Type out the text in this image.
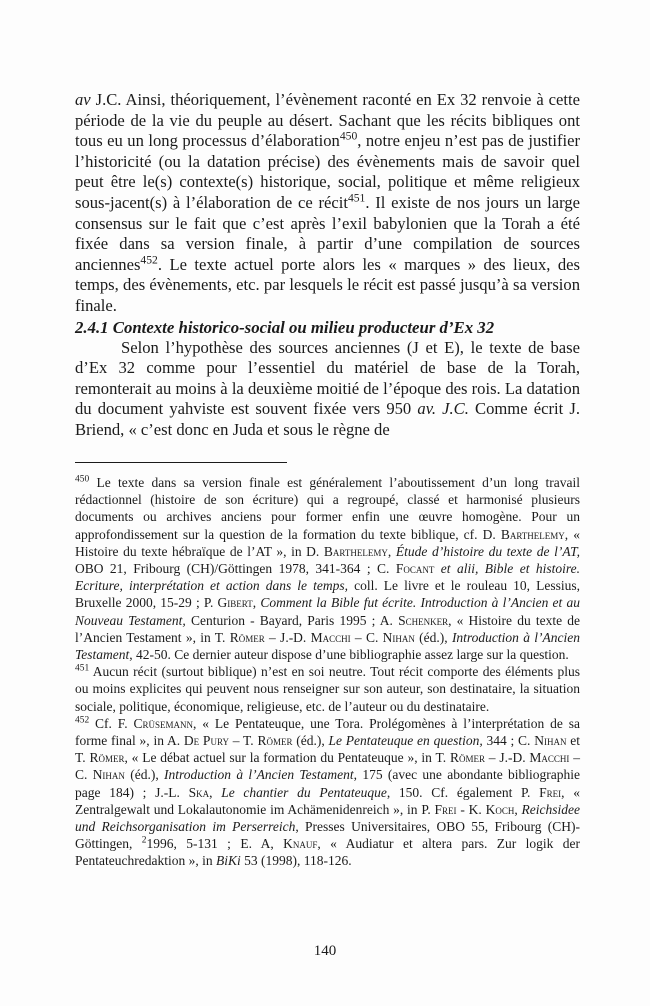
av J.C. Ainsi, théoriquement, l’évènement raconté en Ex 32 renvoie à cette période de la vie du peuple au désert. Sachant que les récits bibliques ont tous eu un long processus d’élaboration$^{450}$, notre enjeu n’est pas de justifier l’historicité (ou la datation précise) des évènements mais de savoir quel peut être le(s) contexte(s) historique, social, politique et même religieux sous-jacent(s) à l’élaboration de ce récit$^{451}$. Il existe de nos jours un large consensus sur le fait que c’est après l’exil babylonien que la Torah a été fixée dans sa version finale, à partir d’une compilation de sources anciennes$^{452}$. Le texte actuel porte alors les « marques » des lieux, des temps, des évènements, etc. par lesquels le récit est passé jusqu’à sa version finale.

2.4.1 Contexte historico-social ou milieu producteur d’Ex 32

Selon l’hypothèse des sources anciennes (J et E), le texte de base d’Ex 32 comme pour l’essentiel du matériel de base de la Torah, remonterait au moins à la deuxième moitié de l’époque des rois. La datation du document yahviste est souvent fixée vers 950 av. J.C. Comme écrit J. Briend, « c’est donc en Juda et sous le règne de

$^{450}$ Le texte dans sa version finale est généralement l’aboutissement d’un long travail rédactionnel (histoire de son écriture) qui a regroupé, classé et harmonisé plusieurs documents ou archives anciens pour former enfin une œuvre homogène. Pour un approfondissement sur la question de la formation du texte biblique, cf. D. Barthelemy, « Histoire du texte hébraïque de l’AT », in D. Barthelemy, Étude d’histoire du texte de l’AT, OBO 21, Fribourg (CH)/Göttingen 1978, 341-364 ; C. Focant et alii, Bible et histoire. Ecriture, interprétation et action dans le temps, coll. Le livre et le rouleau 10, Lessius, Bruxelle 2000, 15-29 ; P. Gibert, Comment la Bible fut écrite. Introduction à l’Ancien et au Nouveau Testament, Centurion - Bayard, Paris 1995 ; A. Schenker, « Histoire du texte de l’Ancien Testament », in T. Römer – J.-D. Macchi – C. Nihan (éd.), Introduction à l’Ancien Testament, 42-50. Ce dernier auteur dispose d’une bibliographie assez large sur la question.

$^{451}$ Aucun récit (surtout biblique) n’est en soi neutre. Tout récit comporte des éléments plus ou moins explicites qui peuvent nous renseigner sur son auteur, son destinataire, la situation sociale, politique, économique, religieuse, etc. de l’auteur ou du destinataire.

$^{452}$ Cf. F. Crüsemann, « Le Pentateuque, une Tora. Prolégomènes à l’interprétation de sa forme final », in A. De Pury – T. Römer (éd.), Le Pentateuque en question, 344 ; C. Nihan et T. Römer, « Le débat actuel sur la formation du Pentateuque », in T. Römer – J.-D. Macchi – C. Nihan (éd.), Introduction à l’Ancien Testament, 175 (avec une abondante bibliographie page 184) ; J.-L. Ska, Le chantier du Pentateuque, 150. Cf. également P. Frei, « Zentralgewalt und Lokalautonomie im Achämenidenreich », in P. Frei - K. Koch, Reichsidee und Reichsorganisation im Perserreich, Presses Universitaires, OBO 55, Fribourg (CH)-Göttingen, $^2$1996, 5-131 ; E. A, Knauf, « Audiatur et altera pars. Zur logik der Pentateuchredaktion », in BiKi 53 (1998), 118-126.

140
